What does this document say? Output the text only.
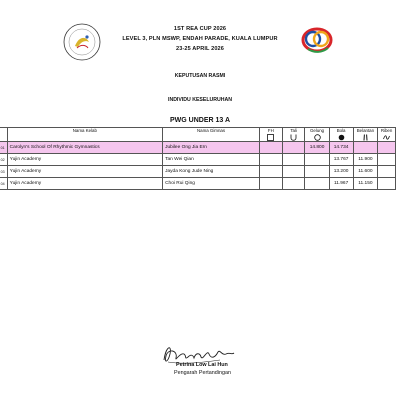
1ST REA CUP 2026
LEVEL 3, PLN MSWP, ENDAH PARADE, KUALA LUMPUR
23-25 APRIL 2026
KEPUTUSAN RASMI
INDIVIDU KESELURUHAN
PWG UNDER 13 A
	Nama Kelab	Nama Gimnas	FH	Tali	Gelung	Bola	Belantan	Riben

01	Carolyn's School Of Rhythmic Gymnastics	Jubilee Ong Jia Ern			14.800	14.734		
02	Yujin Academy	Tan Wei Qian				13.767	11.900	
03	Yujin Academy	Jayda Kong Jude Ning				13.200	11.600	
04	Yujin Academy	Choi Rui Qing				11.967	11.150	
Petrina Low Lai Hun
Pengarah Pertandingan
